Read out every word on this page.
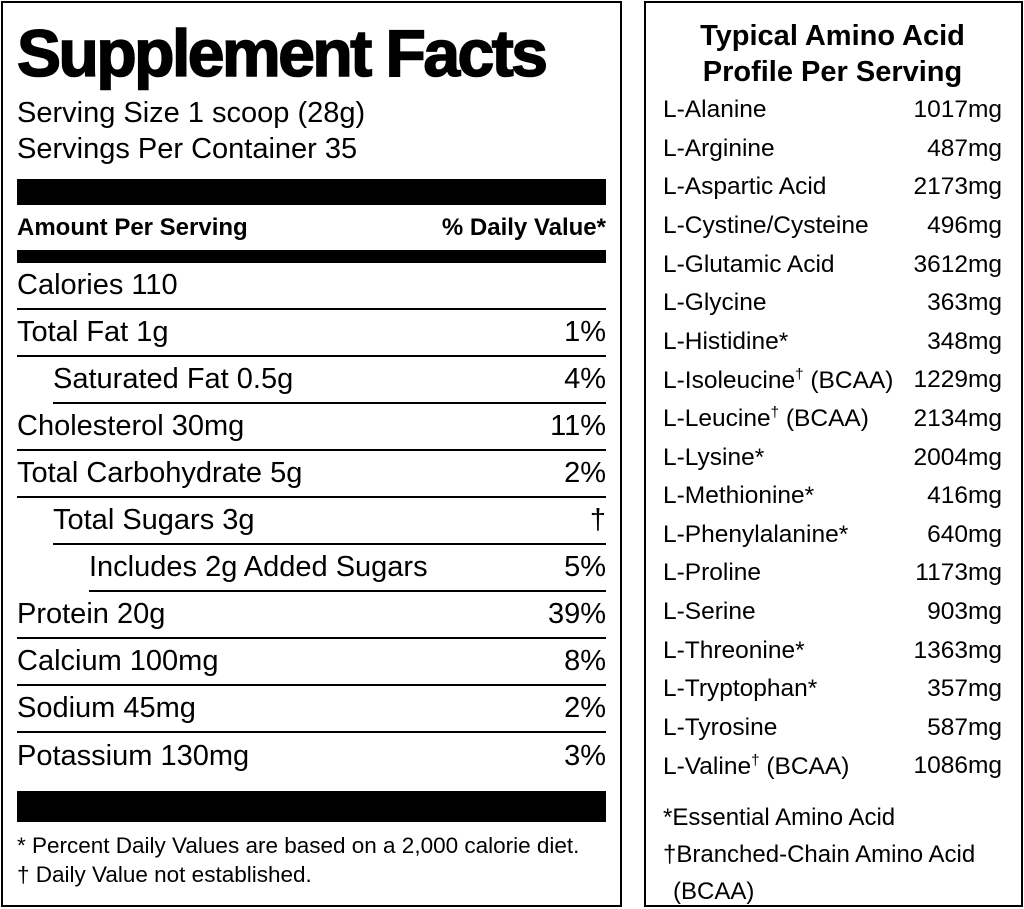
Supplement Facts
Serving Size 1 scoop (28g)
Servings Per Container 35
Amount Per Serving	% Daily Value*
Calories 110
Total Fat 1g	1%
Saturated Fat 0.5g	4%
Cholesterol 30mg	11%
Total Carbohydrate 5g	2%
Total Sugars 3g	†
Includes 2g Added Sugars	5%
Protein 20g	39%
Calcium 100mg	8%
Sodium 45mg	2%
Potassium 130mg	3%
* Percent Daily Values are based on a 2,000 calorie diet.
† Daily Value not established.
Typical Amino Acid
Profile Per Serving
L-Alanine	1017mg
L-Arginine	487mg
L-Aspartic Acid	2173mg
L-Cystine/Cysteine 496mg
L-Glutamic Acid	3612mg
L-Glycine	363mg
L-Histidine*	348mg
L-Isoleucine† (BCAA) 1229mg
L-Leucine† (BCAA) 2134mg
L-Lysine*	2004mg
L-Methionine*	416mg
L-Phenylalanine*	640mg
L-Proline	1173mg
L-Serine	903mg
L-Threonine*	1363mg
L-Tryptophan*	357mg
L-Tyrosine	587mg
L-Valine† (BCAA)	1086mg
*Essential Amino Acid
†Branched-Chain Amino Acid (BCAA)
